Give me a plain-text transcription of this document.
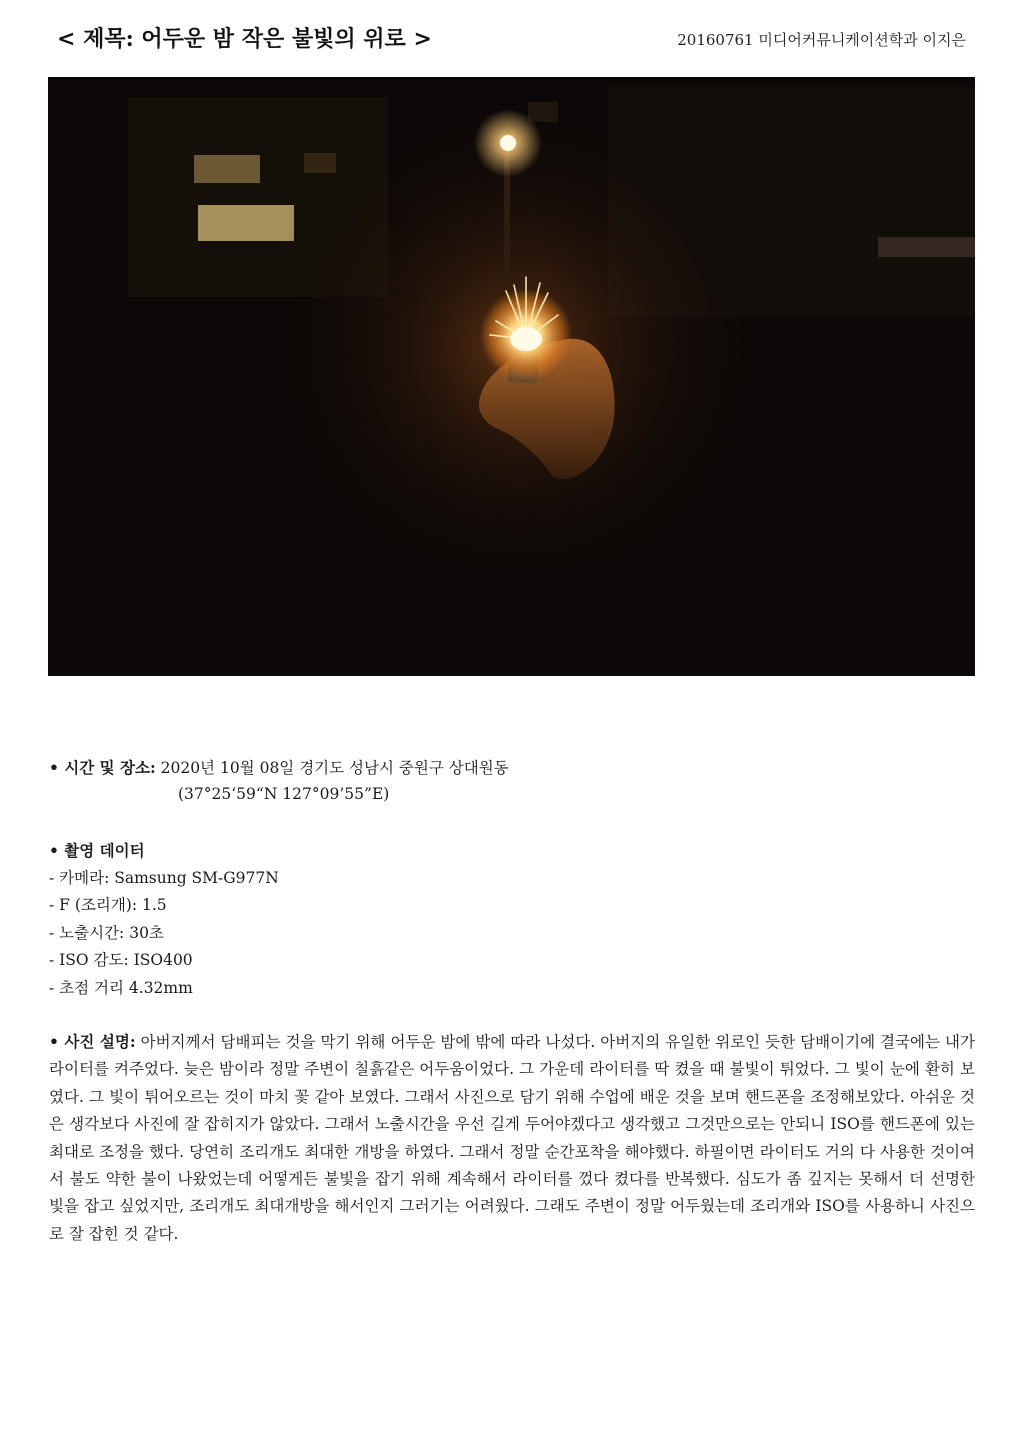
< 제목: 어두운 밤 작은 불빛의 위로 >	20160761 미디어커뮤니케이션학과 이지은
• 시간 및 장소: 2020년 10월 08일 경기도 성남시 중원구 상대원동
(37°25‘59“N 127°09’55”E)
• 촬영 데이터
- 카메라: Samsung SM-G977N
- F (조리개): 1.5
- 노출시간: 30초
- ISO 감도: ISO400
- 초점 거리 4.32mm
• 사진 설명: 아버지께서 담배피는 것을 막기 위해 어두운 밤에 밖에 따라 나섰다. 아버지의 유일한 위로인 듯한 담배이기에 결국에는 내가 라이터를 켜주었다. 늦은 밤이라 정말 주변이 칠흙같은 어두움이었다. 그 가운데 라이터를 딱 켰을 때 불빛이 튀었다. 그 빛이 눈에 환히 보였다. 그 빛이 튀어오르는 것이 마치 꽃 같아 보였다. 그래서 사진으로 담기 위해 수업에 배운 것을 보며 핸드폰을 조정해보았다. 아쉬운 것은 생각보다 사진에 잘 잡히지가 않았다. 그래서 노출시간을 우선 길게 두어야겠다고 생각했고 그것만으로는 안되니 ISO를 핸드폰에 있는 최대로 조정을 했다. 당연히 조리개도 최대한 개방을 하였다. 그래서 정말 순간포착을 해야했다. 하필이면 라이터도 거의 다 사용한 것이여서 불도 약한 불이 나왔었는데 어떻게든 불빛을 잡기 위해 계속해서 라이터를 껐다 켰다를 반복했다. 심도가 좀 깊지는 못해서 더 선명한 빛을 잡고 싶었지만, 조리개도 최대개방을 해서인지 그러기는 어려웠다. 그래도 주변이 정말 어두웠는데 조리개와 ISO를 사용하니 사진으로 잘 잡힌 것 같다.
